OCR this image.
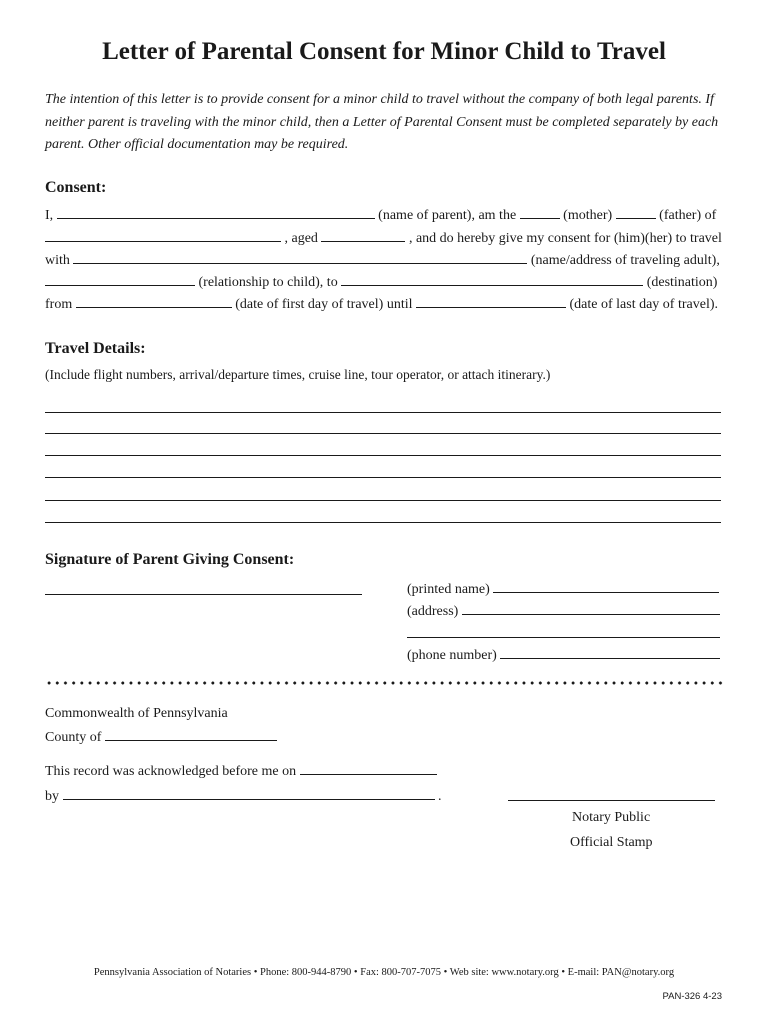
Letter of Parental Consent for Minor Child to Travel
The intention of this letter is to provide consent for a minor child to travel without the company of both legal parents. If neither parent is traveling with the minor child, then a Letter of Parental Consent must be completed separately by each parent. Other official documentation may be required.
Consent:
I,	(name of parent), am the	(mother)	(father) of
, aged	, and do hereby give my consent for (him)(her) to travel
with	(name/address of traveling adult),
(relationship to child), to	(destination)
from	(date of first day of travel) until	(date of last day of travel).
Travel Details:
(Include flight numbers, arrival/departure times, cruise line, tour operator, or attach itinerary.)
Signature of Parent Giving Consent:
(printed name)
(address)
(phone number)
Commonwealth of Pennsylvania
County of
This record was acknowledged before me on
by	.
Notary Public
Official Stamp
Pennsylvania Association of Notaries • Phone: 800-944-8790 • Fax: 800-707-7075 • Web site: www.notary.org • E-mail: PAN@notary.org
PAN-326 4-23
